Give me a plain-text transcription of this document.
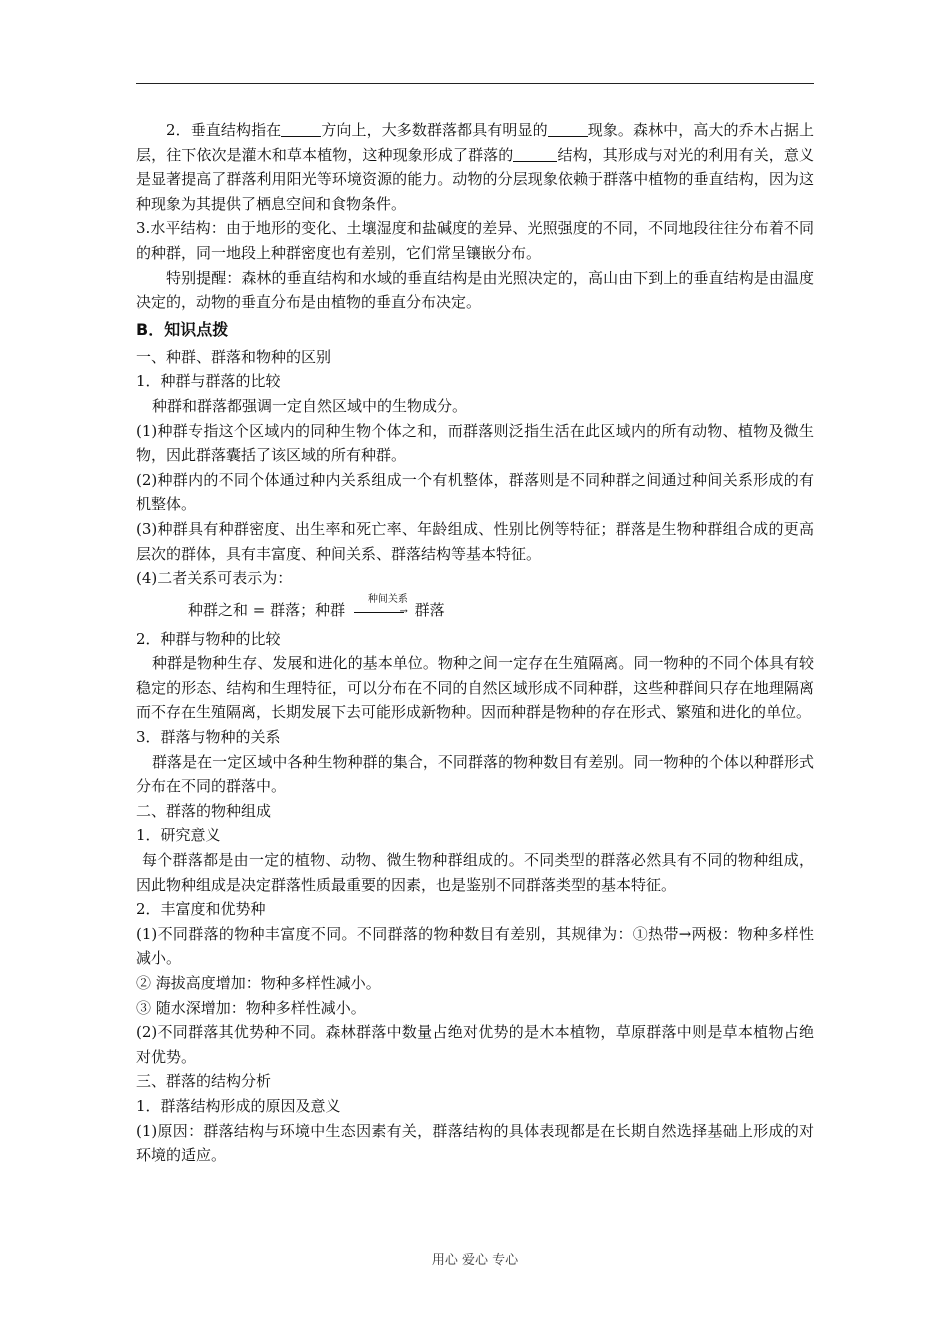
2．垂直结构指在	方向上，大多数群落都具有明显的	现象。森林中，高大的乔木占据上层，往下依次是灌木和草本植物，这种现象形成了群落的	结构，其形成与对光的利用有关，意义是显著提高了群落利用阳光等环境资源的能力。动物的分层现象依赖于群落中植物的垂直结构，因为这种现象为其提供了栖息空间和食物条件。

3.水平结构：由于地形的变化、土壤湿度和盐碱度的差异、光照强度的不同，不同地段往往分布着不同的种群，同一地段上种群密度也有差别，它们常呈镶嵌分布。

特别提醒：森林的垂直结构和水域的垂直结构是由光照决定的，高山由下到上的垂直结构是由温度决定的，动物的垂直分布是由植物的垂直分布决定。

B．知识点拨

一、种群、群落和物种的区别

1．种群与群落的比较

种群和群落都强调一定自然区域中的生物成分。

(1)种群专指这个区域内的同种生物个体之和，而群落则泛指生活在此区域内的所有动物、植物及微生物，因此群落囊括了该区域的所有种群。

(2)种群内的不同个体通过种内关系组成一个有机整体，群落则是不同种群之间通过种间关系形成的有机整体。

(3)种群具有种群密度、出生率和死亡率、年龄组成、性别比例等特征；群落是生物种群组合成的更高层次的群体，具有丰富度、种间关系、群落结构等基本特征。

(4)二者关系可表示为：

种群之和 = 群落；种群
种间关系
→ 群落

2．种群与物种的比较

种群是物种生存、发展和进化的基本单位。物种之间一定存在生殖隔离。同一物种的不同个体具有较稳定的形态、结构和生理特征，可以分布在不同的自然区域形成不同种群，这些种群间只存在地理隔离而不存在生殖隔离，长期发展下去可能形成新物种。因而种群是物种的存在形式、繁殖和进化的单位。

3．群落与物种的关系

群落是在一定区域中各种生物种群的集合，不同群落的物种数目有差别。同一物种的个体以种群形式分布在不同的群落中。

二、群落的物种组成

1．研究意义

每个群落都是由一定的植物、动物、微生物种群组成的。不同类型的群落必然具有不同的物种组成，因此物种组成是决定群落性质最重要的因素，也是鉴别不同群落类型的基本特征。

2．丰富度和优势种

(1)不同群落的物种丰富度不同。不同群落的物种数目有差别，其规律为：①热带→两极：物种多样性减小。

② 海拔高度增加：物种多样性减小。

③ 随水深增加：物种多样性减小。

(2)不同群落其优势种不同。森林群落中数量占绝对优势的是木本植物，草原群落中则是草本植物占绝对优势。

三、群落的结构分析

1．群落结构形成的原因及意义

(1)原因：群落结构与环境中生态因素有关，群落结构的具体表现都是在长期自然选择基础上形成的对环境的适应。

用心 爱心 专心
